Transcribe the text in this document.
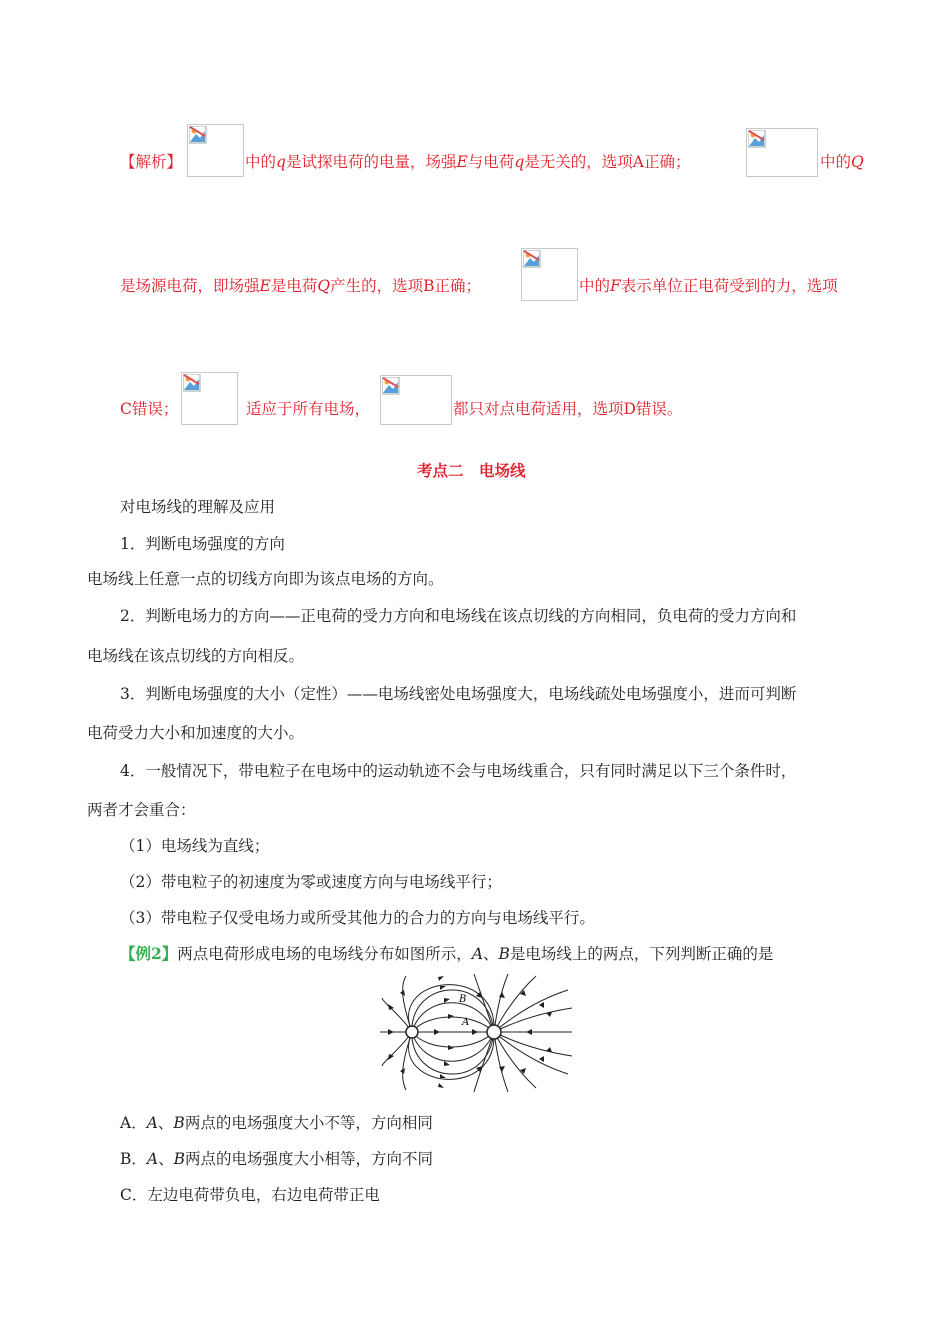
【解析】	中的q是试探电荷的电量，场强E与电荷q是无关的，选项A正确；	中的Q
是场源电荷，即场强E是电荷Q产生的，选项B正确；	中的F表示单位正电荷受到的力，选项
C错误；	适应于所有电场，	都只对点电荷适用，选项D错误。
考点二　电场线
对电场线的理解及应用
1．判断电场强度的方向
电场线上任意一点的切线方向即为该点电场的方向。
2．判断电场力的方向——正电荷的受力方向和电场线在该点切线的方向相同，负电荷的受力方向和
电场线在该点切线的方向相反。
3．判断电场强度的大小（定性）——电场线密处电场强度大，电场线疏处电场强度小，进而可判断
电荷受力大小和加速度的大小。
4．一般情况下，带电粒子在电场中的运动轨迹不会与电场线重合，只有同时满足以下三个条件时，
两者才会重合：
（1）电场线为直线；
（2）带电粒子的初速度为零或速度方向与电场线平行；
（3）带电粒子仅受电场力或所受其他力的合力的方向与电场线平行。
【例2】两点电荷形成电场的电场线分布如图所示，A、B是电场线上的两点，下列判断正确的是
B
A
A．A、B两点的电场强度大小不等，方向相同
B．A、B两点的电场强度大小相等，方向不同
C．左边电荷带负电，右边电荷带正电
